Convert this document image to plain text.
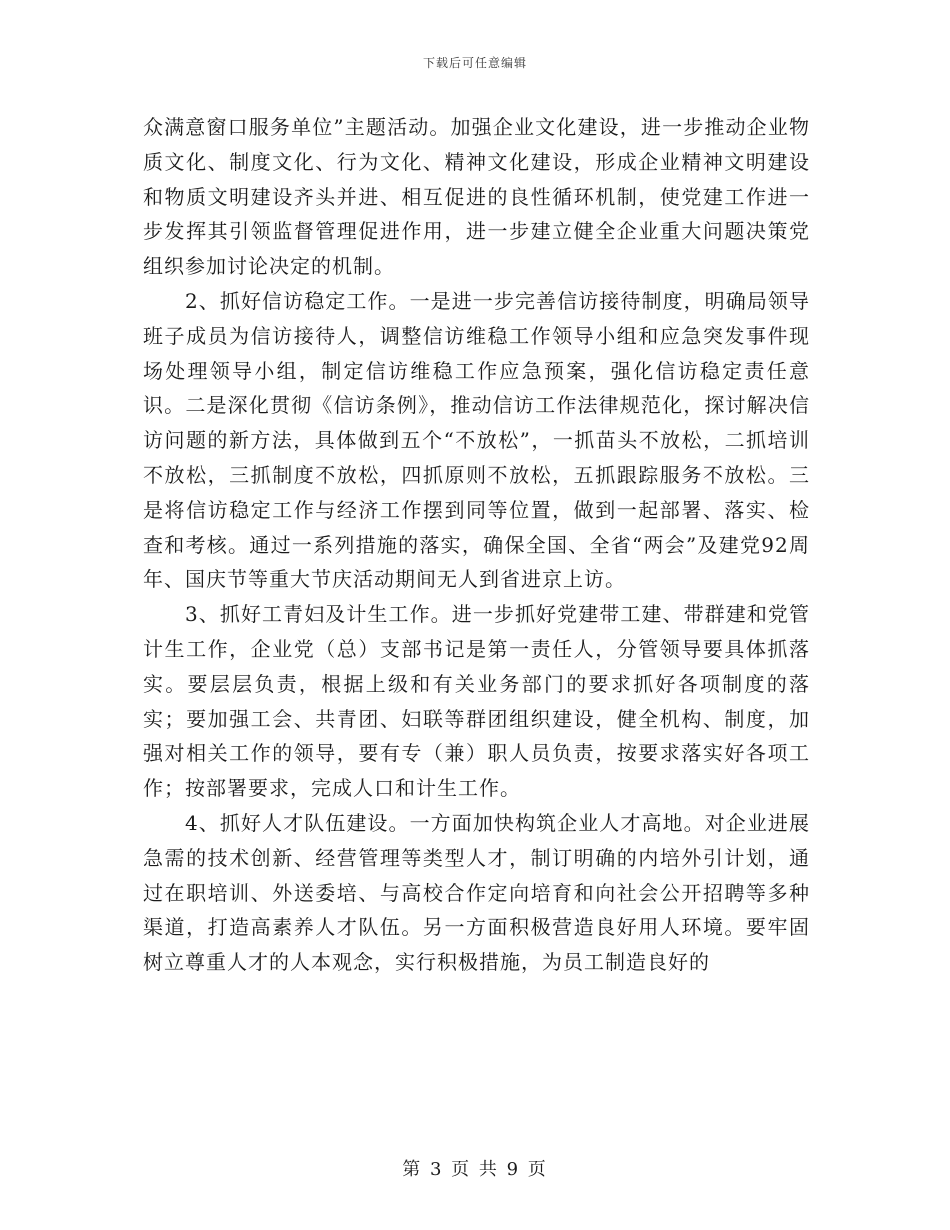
下载后可任意编辑

众满意窗口服务单位”主题活动。加强企业文化建设，进一步推动企业物质文化、制度文化、行为文化、精神文化建设，形成企业精神文明建设和物质文明建设齐头并进、相互促进的良性循环机制，使党建工作进一步发挥其引领监督管理促进作用，进一步建立健全企业重大问题决策党组织参加讨论决定的机制。

2、抓好信访稳定工作。一是进一步完善信访接待制度，明确局领导班子成员为信访接待人，调整信访维稳工作领导小组和应急突发事件现场处理领导小组，制定信访维稳工作应急预案，强化信访稳定责任意识。二是深化贯彻《信访条例》，推动信访工作法律规范化，探讨解决信访问题的新方法，具体做到五个“不放松”，一抓苗头不放松，二抓培训不放松，三抓制度不放松，四抓原则不放松，五抓跟踪服务不放松。三是将信访稳定工作与经济工作摆到同等位置，做到一起部署、落实、检查和考核。通过一系列措施的落实，确保全国、全省“两会”及建党92周年、国庆节等重大节庆活动期间无人到省进京上访。

3、抓好工青妇及计生工作。进一步抓好党建带工建、带群建和党管计生工作，企业党（总）支部书记是第一责任人，分管领导要具体抓落实。要层层负责，根据上级和有关业务部门的要求抓好各项制度的落实；要加强工会、共青团、妇联等群团组织建设，健全机构、制度，加强对相关工作的领导，要有专（兼）职人员负责，按要求落实好各项工作；按部署要求，完成人口和计生工作。

4、抓好人才队伍建设。一方面加快构筑企业人才高地。对企业进展急需的技术创新、经营管理等类型人才，制订明确的内培外引计划，通过在职培训、外送委培、与高校合作定向培育和向社会公开招聘等多种渠道，打造高素养人才队伍。另一方面积极营造良好用人环境。要牢固树立尊重人才的人本观念，实行积极措施，为员工制造良好的

第 3 页 共 9 页
